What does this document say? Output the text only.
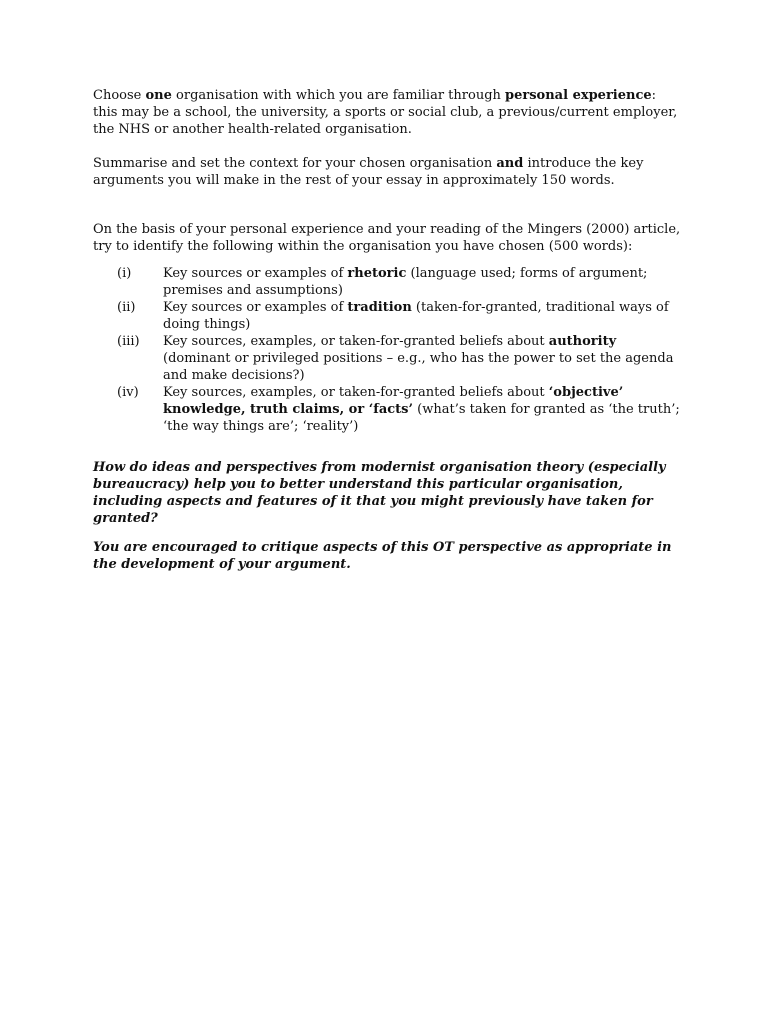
Choose one organisation with which you are familiar through personal experience: this may be a school, the university, a sports or social club, a previous/current employer, the NHS or another health-related organisation.

Summarise and set the context for your chosen organisation and introduce the key arguments you will make in the rest of your essay in approximately 150 words.

On the basis of your personal experience and your reading of the Mingers (2000) article, try to identify the following within the organisation you have chosen (500 words):

(i)	Key sources or examples of rhetoric (language used; forms of argument; premises and assumptions)
(ii)	Key sources or examples of tradition (taken-for-granted, traditional ways of doing things)
(iii)	Key sources, examples, or taken-for-granted beliefs about authority (dominant or privileged positions – e.g., who has the power to set the agenda and make decisions?)
(iv)	Key sources, examples, or taken-for-granted beliefs about ‘objective’ knowledge, truth claims, or ‘facts’ (what’s taken for granted as ‘the truth’; ‘the way things are’; ‘reality’)

How do ideas and perspectives from modernist organisation theory (especially bureaucracy) help you to better understand this particular organisation, including aspects and features of it that you might previously have taken for granted?

You are encouraged to critique aspects of this OT perspective as appropriate in the development of your argument.
